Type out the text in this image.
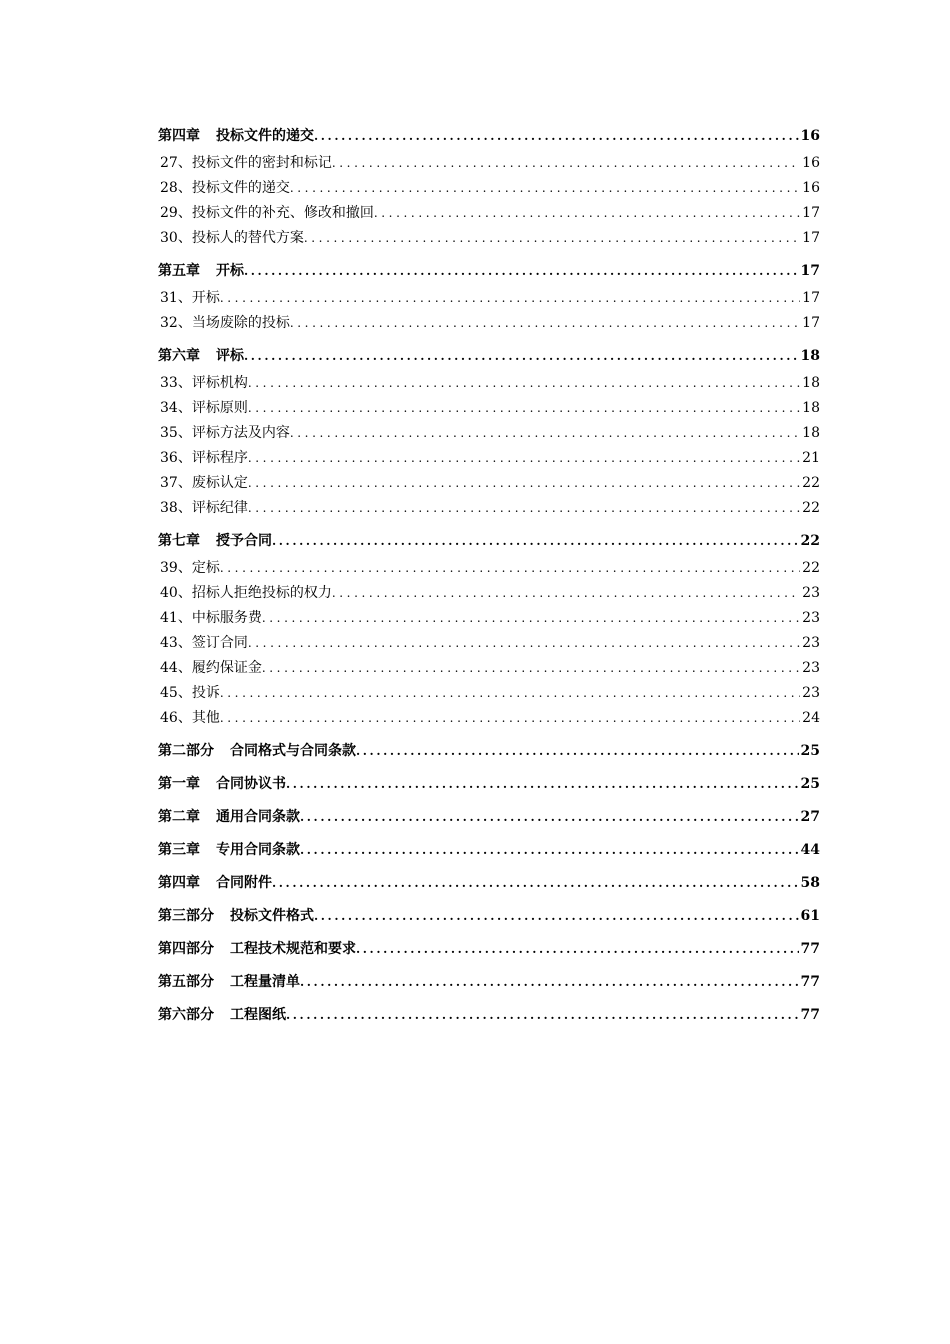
第四章 投标文件的递交 .....	16
27、投标文件的密封和标记 .....	16
28、投标文件的递交 .....	16
29、投标文件的补充、修改和撤回 .....	17
30、投标人的替代方案 .....	17
第五章 开标 .....	17
31、开标 .....	17
32、当场废除的投标 .....	17
第六章 评标 .....	18
33、评标机构 .....	18
34、评标原则 .....	18
35、评标方法及内容 .....	18
36、评标程序 .....	21
37、废标认定 .....	22
38、评标纪律 .....	22
第七章 授予合同 .....	22
39、定标 .....	22
40、招标人拒绝投标的权力 .....	23
41、中标服务费 .....	23
43、签订合同 .....	23
44、履约保证金 .....	23
45、投诉 .....	23
46、其他 .....	24
第二部分 合同格式与合同条款 .....	25
第一章 合同协议书 .....	25
第二章 通用合同条款 .....	27
第三章 专用合同条款 .....	44
第四章 合同附件 .....	58
第三部分 投标文件格式 .....	61
第四部分 工程技术规范和要求 .....	77
第五部分 工程量清单 .....	77
第六部分 工程图纸 .....	77
